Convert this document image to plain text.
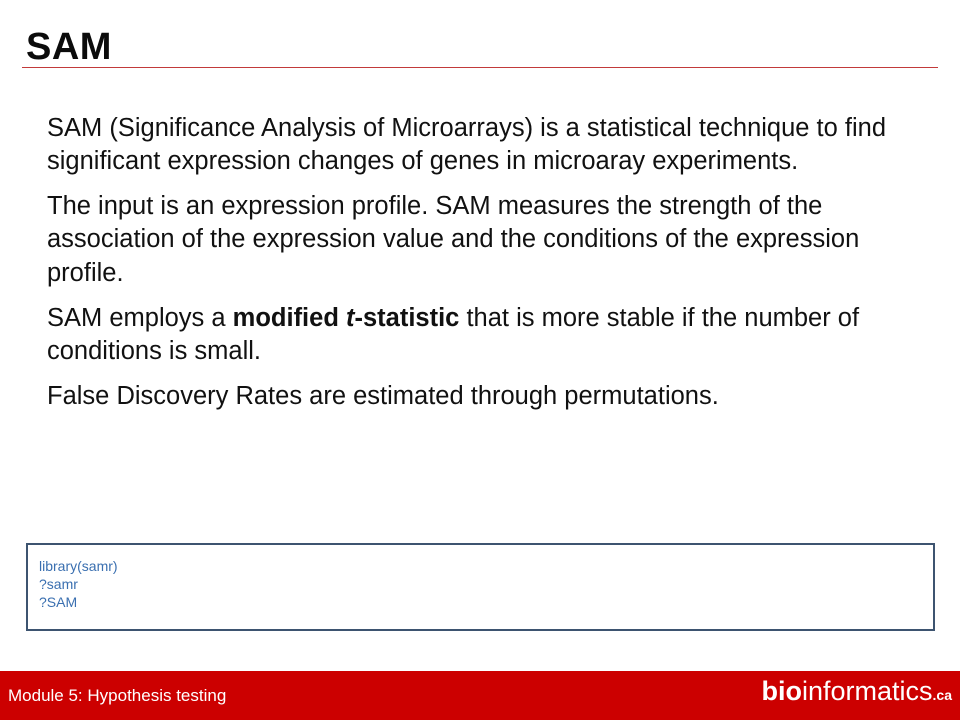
SAM

SAM (Significance Analysis of Microarrays) is a statistical technique to find significant expression changes of genes in microaray experiments.

The input is an expression profile. SAM measures the strength of the association of the expression value and the conditions of the expression profile.

SAM employs a modified t-statistic that is more stable if the number of conditions is small.

False Discovery Rates are estimated through permutations.

library(samr)
?samr
?SAM
Module 5: Hypothesis testing	bioinformatics.ca
